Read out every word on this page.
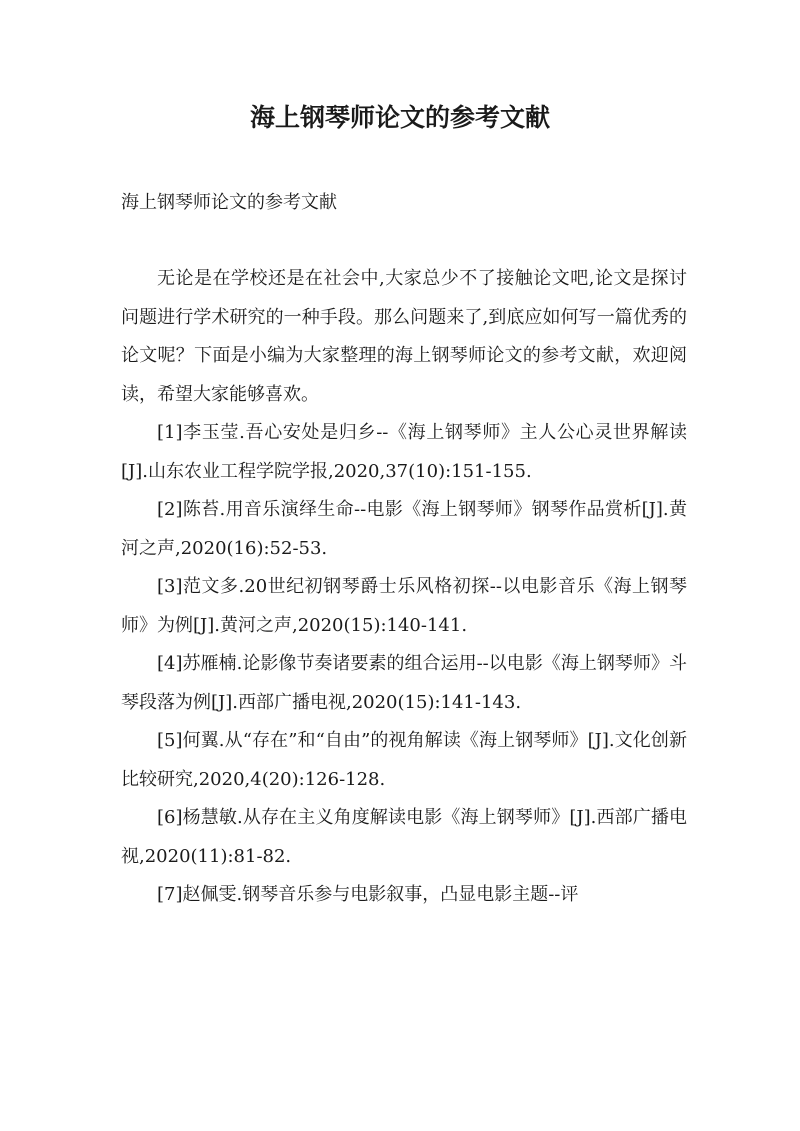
海上钢琴师论文的参考文献
海上钢琴师论文的参考文献

无论是在学校还是在社会中,大家总少不了接触论文吧,论文是探讨问题进行学术研究的一种手段。那么问题来了,到底应如何写一篇优秀的论文呢？下面是小编为大家整理的海上钢琴师论文的参考文献，欢迎阅读，希望大家能够喜欢。

[1]李玉莹.吾心安处是归乡--《海上钢琴师》主人公心灵世界解读[J].山东农业工程学院学报,2020,37(10):151-155.

[2]陈苔.用音乐演绎生命--电影《海上钢琴师》钢琴作品赏析[J].黄河之声,2020(16):52-53.

[3]范文多.20世纪初钢琴爵士乐风格初探--以电影音乐《海上钢琴师》为例[J].黄河之声,2020(15):140-141.

[4]苏雁楠.论影像节奏诸要素的组合运用--以电影《海上钢琴师》斗琴段落为例[J].西部广播电视,2020(15):141-143.

[5]何翼.从“存在”和“自由”的视角解读《海上钢琴师》[J].文化创新比较研究,2020,4(20):126-128.

[6]杨慧敏.从存在主义角度解读电影《海上钢琴师》[J].西部广播电视,2020(11):81-82.

[7]赵佩雯.钢琴音乐参与电影叙事，凸显电影主题--评
